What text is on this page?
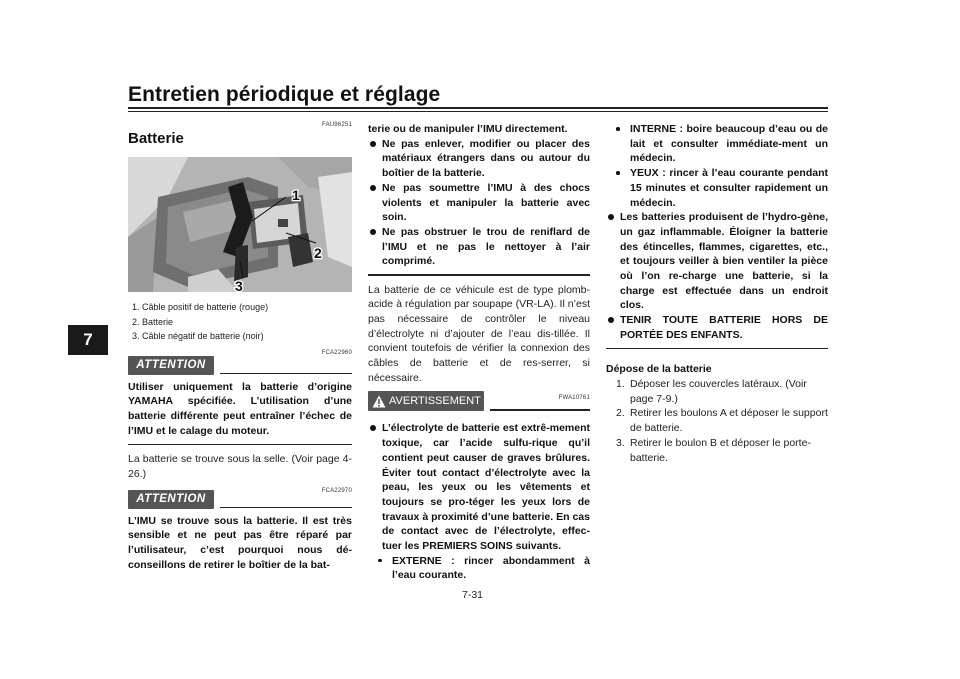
Entretien périodique et réglage
7
FAU96251
Batterie
1
2
3
1. Câble positif de batterie (rouge)
2. Batterie
3. Câble négatif de batterie (noir)
FCA22960
ATTENTION
Utiliser uniquement la batterie d’origine YAMAHA spécifiée. L’utilisation d’une batterie différente peut entraîner l’échec de l’IMU et le calage du moteur.
La batterie se trouve sous la selle. (Voir page 4-26.)
FCA22970
ATTENTION
L’IMU se trouve sous la batterie. Il est très sensible et ne peut pas être réparé par l’utilisateur, c’est pourquoi nous dé-conseillons de retirer le boîtier de la bat-
terie ou de manipuler l’IMU directement.
Ne pas enlever, modifier ou placer des matériaux étrangers dans ou autour du boîtier de la batterie.
Ne pas soumettre l’IMU à des chocs violents et manipuler la batterie avec soin.
Ne pas obstruer le trou de reniflard de l’IMU et ne pas le nettoyer à l’air comprimé.
La batterie de ce véhicule est de type plomb-acide à régulation par soupape (VR-LA). Il n’est pas nécessaire de contrôler le niveau d’électrolyte ni d’ajouter de l’eau dis-tillée. Il convient toutefois de vérifier la connexion des câbles de batterie et de res-serrer, si nécessaire.
AVERTISSEMENT	FWA10761
L’électrolyte de batterie est extrê-mement toxique, car l’acide sulfu-rique qu’il contient peut causer de graves brûlures. Éviter tout contact d’électrolyte avec la peau, les yeux ou les vêtements et toujours se pro-téger les yeux lors de travaux à proximité d’une batterie. En cas de contact avec de l’électrolyte, effec-tuer les PREMIERS SOINS suivants.
EXTERNE : rincer abondamment à l’eau courante.
INTERNE : boire beaucoup d’eau ou de lait et consulter immédiate-ment un médecin.
YEUX : rincer à l’eau courante pendant 15 minutes et consulter rapidement un médecin.
Les batteries produisent de l’hydro-gène, un gaz inflammable. Éloigner la batterie des étincelles, flammes, cigarettes, etc., et toujours veiller à bien ventiler la pièce où l’on re-charge une batterie, si la charge est effectuée dans un endroit clos.
TENIR TOUTE BATTERIE HORS DE PORTÉE DES ENFANTS.
Dépose de la batterie
1. Déposer les couvercles latéraux. (Voir page 7-9.)
2. Retirer les boulons A et déposer le support de batterie.
3. Retirer le boulon B et déposer le porte-batterie.
7-31
